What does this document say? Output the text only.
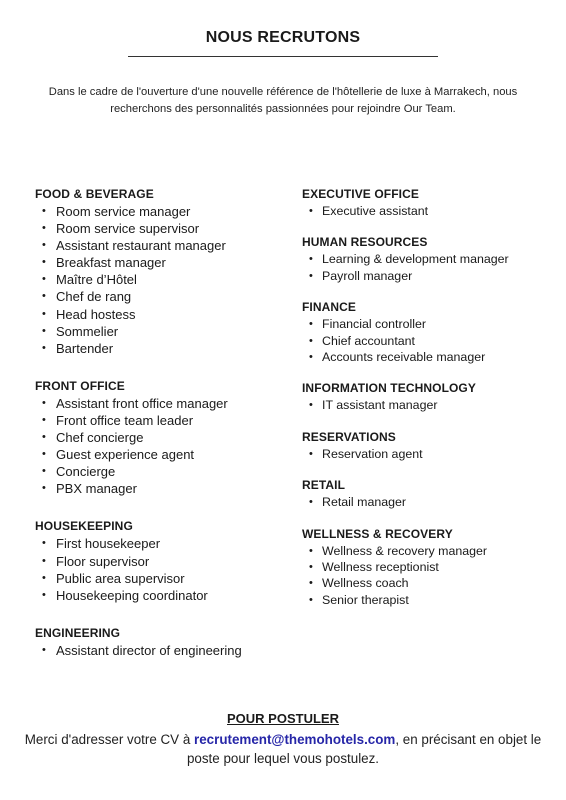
NOUS RECRUTONS
Dans le cadre de l'ouverture d'une nouvelle référence de l'hôtellerie de luxe à Marrakech, nous recherchons des personnalités passionnées pour rejoindre Our Team.
FOOD & BEVERAGE
• Room service manager
• Room service supervisor
• Assistant restaurant manager
• Breakfast manager
• Maître d’Hôtel
• Chef de rang
• Head hostess
• Sommelier
• Bartender
FRONT OFFICE
• Assistant front office manager
• Front office team leader
• Chef concierge
• Guest experience agent
• Concierge
• PBX manager
HOUSEKEEPING
• First housekeeper
• Floor supervisor
• Public area supervisor
• Housekeeping coordinator
ENGINEERING
• Assistant director of engineering
EXECUTIVE OFFICE
• Executive assistant
HUMAN RESOURCES
• Learning & development manager
• Payroll manager
FINANCE
• Financial controller
• Chief accountant
• Accounts receivable manager
INFORMATION TECHNOLOGY
• IT assistant manager
RESERVATIONS
• Reservation agent
RETAIL
• Retail manager
WELLNESS & RECOVERY
• Wellness & recovery manager
• Wellness receptionist
• Wellness coach
• Senior therapist
POUR POSTULER
Merci d'adresser votre CV à recrutement@themohotels.com, en précisant en objet le poste pour lequel vous postulez.
